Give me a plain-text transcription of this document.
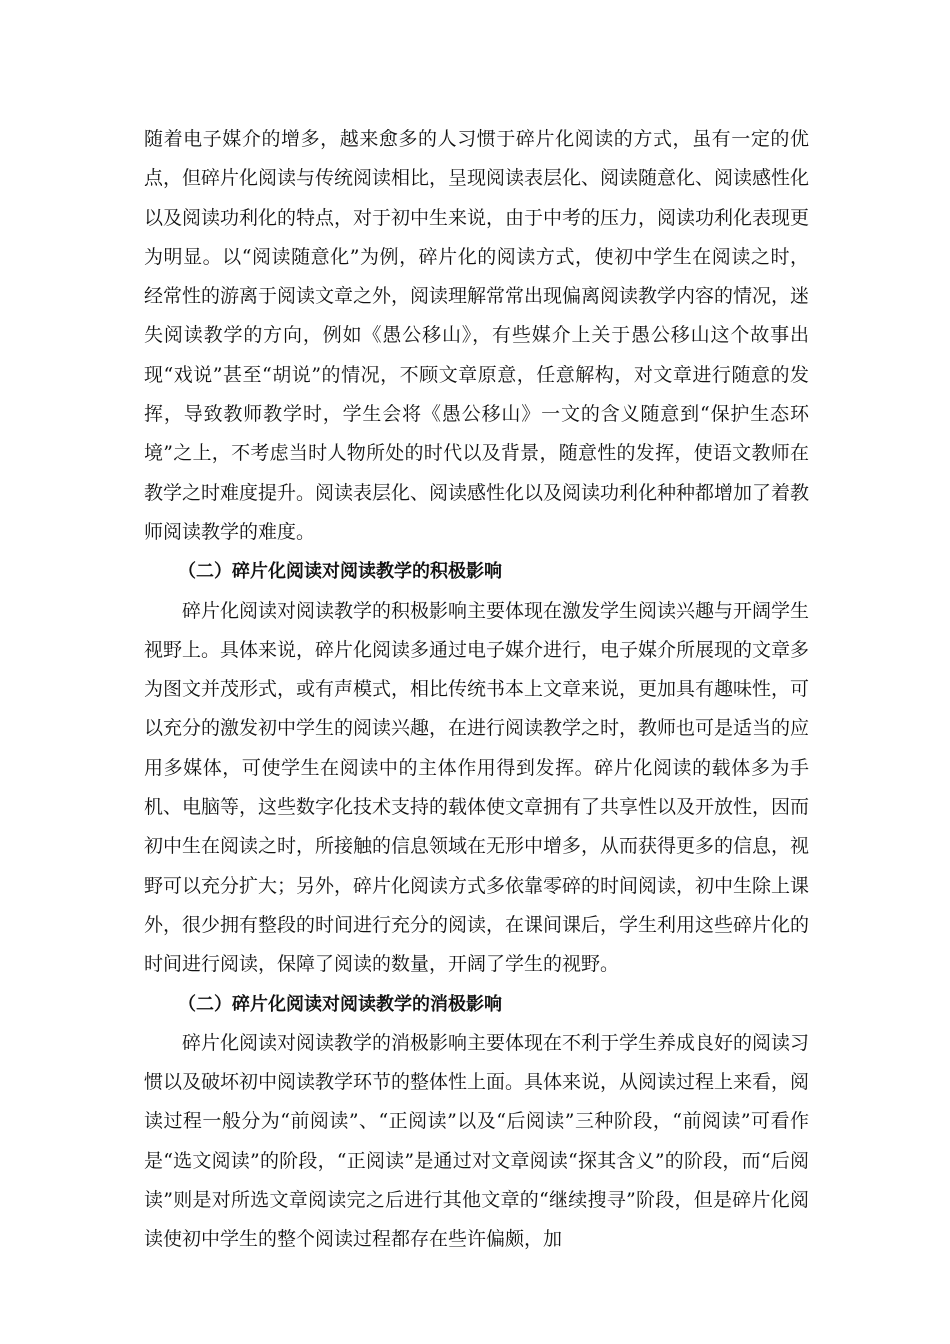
随着电子媒介的增多，越来愈多的人习惯于碎片化阅读的方式，虽有一定的优点，但碎片化阅读与传统阅读相比，呈现阅读表层化、阅读随意化、阅读感性化以及阅读功利化的特点，对于初中生来说，由于中考的压力，阅读功利化表现更为明显。以“阅读随意化”为例，碎片化的阅读方式，使初中学生在阅读之时，经常性的游离于阅读文章之外，阅读理解常常出现偏离阅读教学内容的情况，迷失阅读教学的方向，例如《愚公移山》，有些媒介上关于愚公移山这个故事出现“戏说”甚至“胡说”的情况，不顾文章原意，任意解构，对文章进行随意的发挥，导致教师教学时，学生会将《愚公移山》一文的含义随意到“保护生态环境”之上，不考虑当时人物所处的时代以及背景，随意性的发挥，使语文教师在教学之时难度提升。阅读表层化、阅读感性化以及阅读功利化种种都增加了着教师阅读教学的难度。

（二）碎片化阅读对阅读教学的积极影响

碎片化阅读对阅读教学的积极影响主要体现在激发学生阅读兴趣与开阔学生视野上。具体来说，碎片化阅读多通过电子媒介进行，电子媒介所展现的文章多为图文并茂形式，或有声模式，相比传统书本上文章来说，更加具有趣味性，可以充分的激发初中学生的阅读兴趣，在进行阅读教学之时，教师也可是适当的应用多媒体，可使学生在阅读中的主体作用得到发挥。碎片化阅读的载体多为手机、电脑等，这些数字化技术支持的载体使文章拥有了共享性以及开放性，因而初中生在阅读之时，所接触的信息领域在无形中增多，从而获得更多的信息，视野可以充分扩大；另外，碎片化阅读方式多依靠零碎的时间阅读，初中生除上课外，很少拥有整段的时间进行充分的阅读，在课间课后，学生利用这些碎片化的时间进行阅读，保障了阅读的数量，开阔了学生的视野。

（二）碎片化阅读对阅读教学的消极影响

碎片化阅读对阅读教学的消极影响主要体现在不利于学生养成良好的阅读习惯以及破坏初中阅读教学环节的整体性上面。具体来说，从阅读过程上来看，阅读过程一般分为“前阅读”、“正阅读”以及“后阅读”三种阶段，“前阅读”可看作是“选文阅读”的阶段，“正阅读”是通过对文章阅读“探其含义”的阶段，而“后阅读”则是对所选文章阅读完之后进行其他文章的“继续搜寻”阶段，但是碎片化阅读使初中学生的整个阅读过程都存在些许偏颇，加
